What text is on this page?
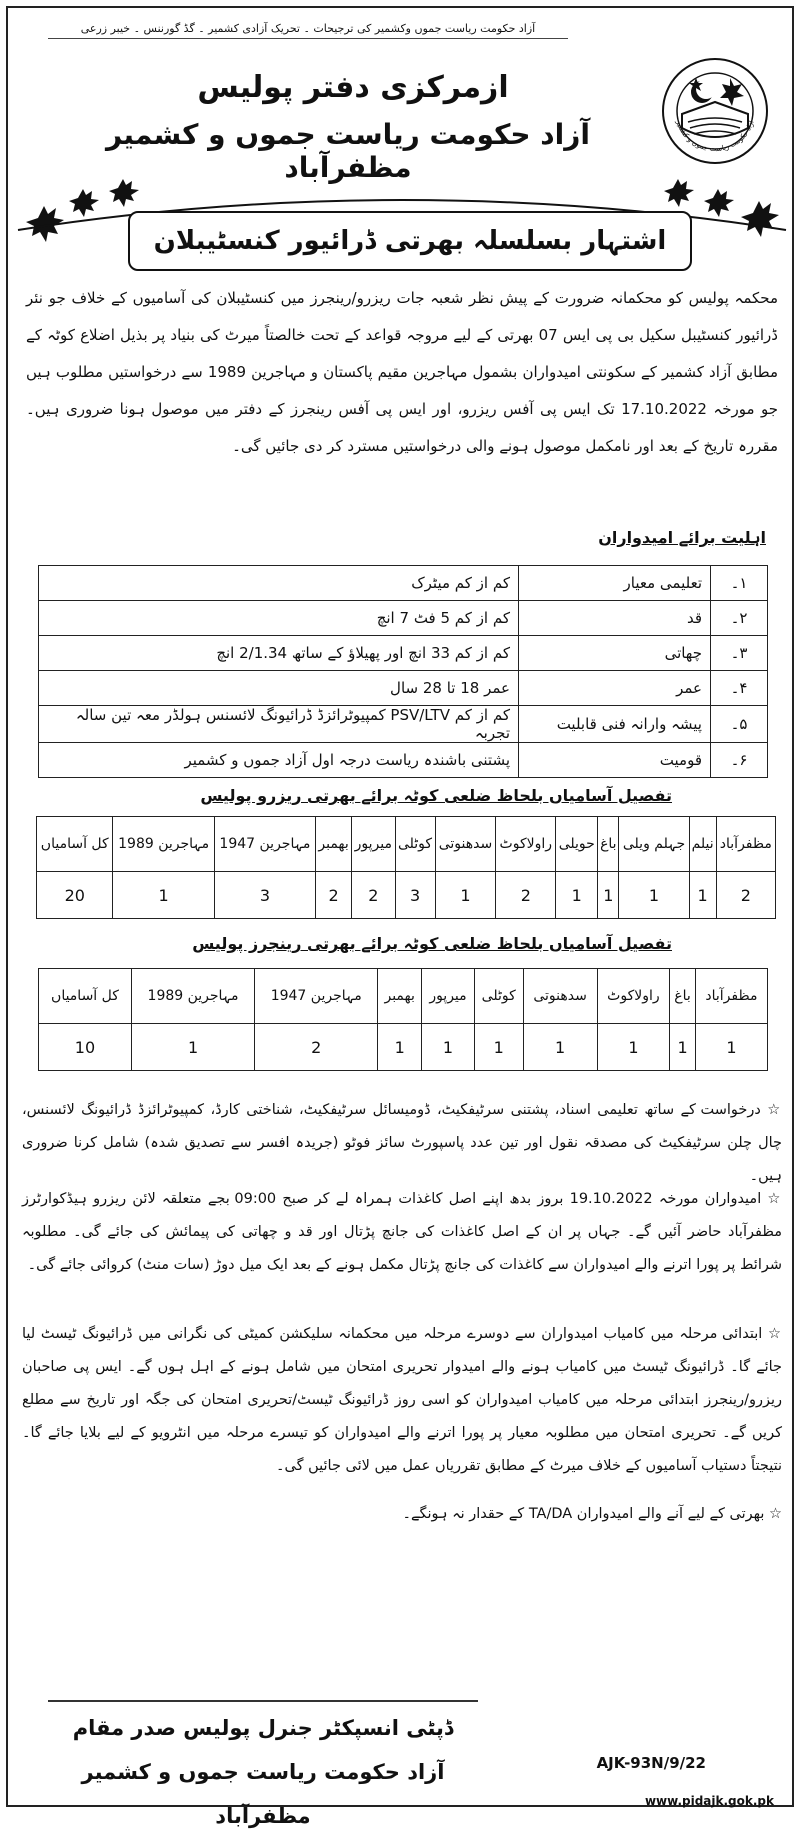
آزاد حکومت ریاست جموں وکشمیر کی ترجیحات ۔ تحریک آزادی کشمیر ۔ گڈ گورننس ۔ خیبر زرعی
آزاد حکومت ریاست جموں و کشمیر
ازمرکزی دفتر پولیس
آزاد حکومت ریاست جموں و کشمیر مظفرآباد
اشتہار بسلسلہ بھرتی ڈرائیور کنسٹیبلان
محکمہ پولیس کو محکمانہ ضرورت کے پیش نظر شعبہ جات ریزرو/رینجرز میں کنسٹیبلان کی آسامیوں کے خلاف جو نئر ڈرائیور کنسٹیبل سکیل بی پی ایس 07 بھرتی کے لیے مروجہ قواعد کے تحت خالصتاً میرٹ کی بنیاد پر بذیل اضلاع کوٹہ کے مطابق آزاد کشمیر کے سکونتی امیدواران بشمول مہاجرین مقیم پاکستان و مہاجرین 1989 سے درخواستیں مطلوب ہیں جو مورخہ 17.10.2022 تک ایس پی آفس ریزرو، اور ایس پی آفس رینجرز کے دفتر میں موصول ہونا ضروری ہیں۔ مقررہ تاریخ کے بعد اور نامکمل موصول ہونے والی درخواستیں مسترد کر دی جائیں گی۔
اہلیت برائے امیدواران
۱۔	تعلیمی معیار	کم از کم میٹرک
۲۔	قد	کم از کم 5 فٹ 7 انچ
۳۔	چھاتی	کم از کم 33 انچ اور پھیلاؤ کے ساتھ 2/1.34 انچ
۴۔	عمر	عمر 18 تا 28 سال
۵۔	پیشہ وارانہ فنی قابلیت	کم از کم PSV/LTV کمپیوٹرائزڈ ڈرائیونگ لائسنس ہولڈر معہ تین سالہ تجربہ
۶۔	قومیت	پشتنی باشندہ ریاست درجہ اول آزاد جموں و کشمیر
تفصیل آسامیاں بلحاظ ضلعی کوٹہ برائے بھرتی ریزرو پولیس
مظفرآباد	نیلم	جہلم ویلی	باغ	حویلی	راولاکوٹ	سدھنوتی	کوٹلی	میرپور	بھمبر	مہاجرین 1947	مہاجرین 1989	کل آسامیاں
2	1	1	1	1	2	1	3	2	2	3	1	20
تفصیل آسامیاں بلحاظ ضلعی کوٹہ برائے بھرتی رینجرز پولیس
مظفرآباد	باغ	راولاکوٹ	سدھنوتی	کوٹلی	میرپور	بھمبر	مہاجرین 1947	مہاجرین 1989	کل آسامیاں
1	1	1	1	1	1	1	2	1	10
☆ درخواست کے ساتھ تعلیمی اسناد، پشتنی سرٹیفکیٹ، ڈومیسائل سرٹیفکیٹ، شناختی کارڈ، کمپیوٹرائزڈ ڈرائیونگ لائسنس، چال چلن سرٹیفکیٹ کی مصدقہ نقول اور تین عدد پاسپورٹ سائز فوٹو (جریدہ افسر سے تصدیق شدہ) شامل کرنا ضروری ہیں۔
☆ امیدواران مورخہ 19.10.2022 بروز بدھ اپنے اصل کاغذات ہمراہ لے کر صبح 09:00 بجے متعلقہ لائن ریزرو ہیڈکوارٹرز مظفرآباد حاضر آئیں گے۔ جہاں پر ان کے اصل کاغذات کی جانچ پڑتال اور قد و چھاتی کی پیمائش کی جائے گی۔ مطلوبہ شرائط پر پورا اترنے والے امیدواران سے کاغذات کی جانچ پڑتال مکمل ہونے کے بعد ایک میل دوڑ (سات منٹ) کروائی جائے گی۔
☆ ابتدائی مرحلہ میں کامیاب امیدواران سے دوسرے مرحلہ میں محکمانہ سلیکشن کمیٹی کی نگرانی میں ڈرائیونگ ٹیسٹ لیا جائے گا۔ ڈرائیونگ ٹیسٹ میں کامیاب ہونے والے امیدوار تحریری امتحان میں شامل ہونے کے اہل ہوں گے۔ ایس پی صاحبان ریزرو/رینجرز ابتدائی مرحلہ میں کامیاب امیدواران کو اسی روز ڈرائیونگ ٹیسٹ/تحریری امتحان کی جگہ اور تاریخ سے مطلع کریں گے۔ تحریری امتحان میں مطلوبہ معیار پر پورا اترنے والے امیدواران کو تیسرے مرحلہ میں انٹرویو کے لیے بلایا جائے گا۔ نتیجتاً دستیاب آسامیوں کے خلاف میرٹ کے مطابق تقرریاں عمل میں لائی جائیں گی۔
☆ بھرتی کے لیے آنے والے امیدواران TA/DA کے حقدار نہ ہونگے۔
ڈپٹی انسپکٹر جنرل پولیس صدر مقام
آزاد حکومت ریاست جموں و کشمیر مظفرآباد
AJK-93N/9/22
www.pidajk.gok.pk
